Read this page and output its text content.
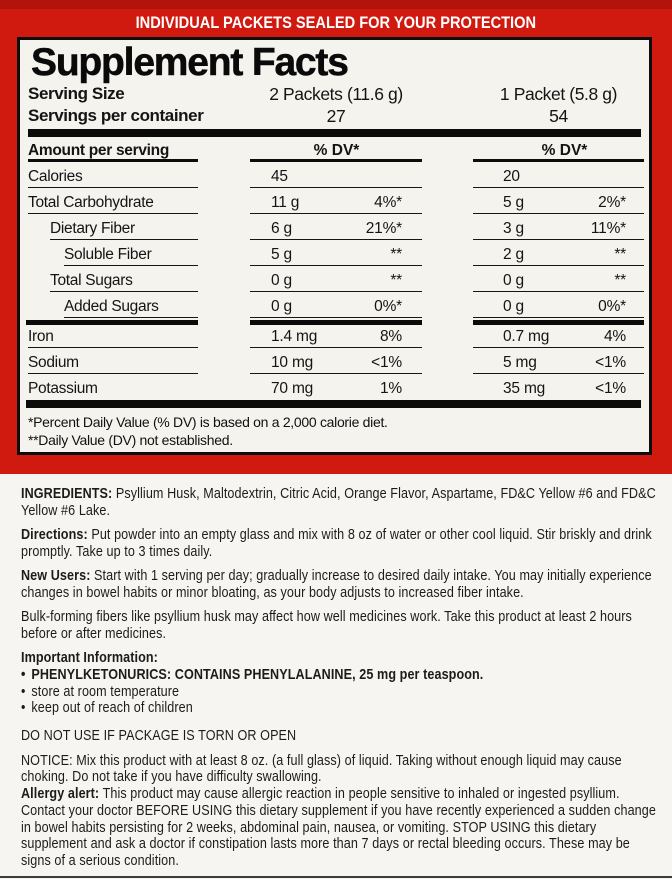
INDIVIDUAL PACKETS SEALED FOR YOUR PROTECTION
Supplement Facts
Serving Size	2 Packets (11.6 g)	1 Packet (5.8 g)
Servings per container	27	54
Amount per serving	% DV*	% DV*
Calories	45	20
Total Carbohydrate	11 g	4%*	5 g	2%*
Dietary Fiber	6 g	21%*	3 g	11%*
Soluble Fiber	5 g	**	2 g	**
Total Sugars	0 g	**	0 g	**
Added Sugars	0 g	0%*	0 g	0%*
Iron	1.4 mg	8%	0.7 mg	4%
Sodium	10 mg	<1%	5 mg	<1%
Potassium	70 mg	1%	35 mg	<1%
*Percent Daily Value (% DV) is based on a 2,000 calorie diet.
**Daily Value (DV) not established.

INGREDIENTS: Psyllium Husk, Maltodextrin, Citric Acid, Orange Flavor, Aspartame, FD&C Yellow #6 and FD&C Yellow #6 Lake.

Directions: Put powder into an empty glass and mix with 8 oz of water or other cool liquid. Stir briskly and drink promptly. Take up to 3 times daily.

New Users: Start with 1 serving per day; gradually increase to desired daily intake. You may initially experience changes in bowel habits or minor bloating, as your body adjusts to increased fiber intake.

Bulk-forming fibers like psyllium husk may affect how well medicines work. Take this product at least 2 hours before or after medicines.

Important Information:

• PHENYLKETONURICS: CONTAINS PHENYLALANINE, 25 mg per teaspoon.
• store at room temperature
• keep out of reach of children

DO NOT USE IF PACKAGE IS TORN OR OPEN

NOTICE: Mix this product with at least 8 oz. (a full glass) of liquid. Taking without enough liquid may cause choking. Do not take if you have difficulty swallowing.

Allergy alert: This product may cause allergic reaction in people sensitive to inhaled or ingested psyllium. Contact your doctor BEFORE USING this dietary supplement if you have recently experienced a sudden change in bowel habits persisting for 2 weeks, abdominal pain, nausea, or vomiting. STOP USING this dietary supplement and ask a doctor if constipation lasts more than 7 days or rectal bleeding occurs. These may be signs of a serious condition.
